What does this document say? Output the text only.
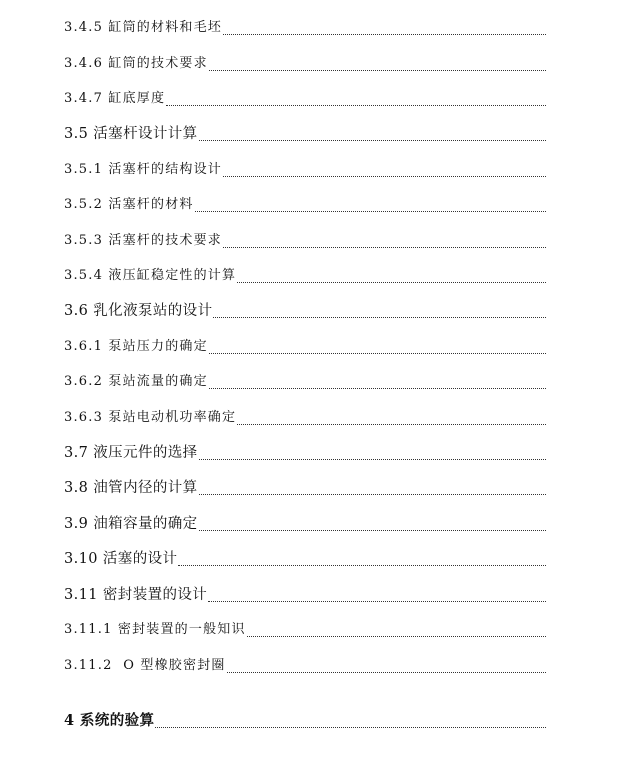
3.4.5 缸筒的材料和毛坯
3.4.6 缸筒的技术要求
3.4.7 缸底厚度
3.5 活塞杆设计计算
3.5.1 活塞杆的结构设计
3.5.2 活塞杆的材料
3.5.3 活塞杆的技术要求
3.5.4 液压缸稳定性的计算
3.6 乳化液泵站的设计
3.6.1 泵站压力的确定
3.6.2 泵站流量的确定
3.6.3 泵站电动机功率确定
3.7 液压元件的选择
3.8 油管内径的计算
3.9 油箱容量的确定
3.10 活塞的设计
3.11 密封装置的设计
3.11.1 密封装置的一般知识
3.11.2  O 型橡胶密封圈
4 系统的验算
